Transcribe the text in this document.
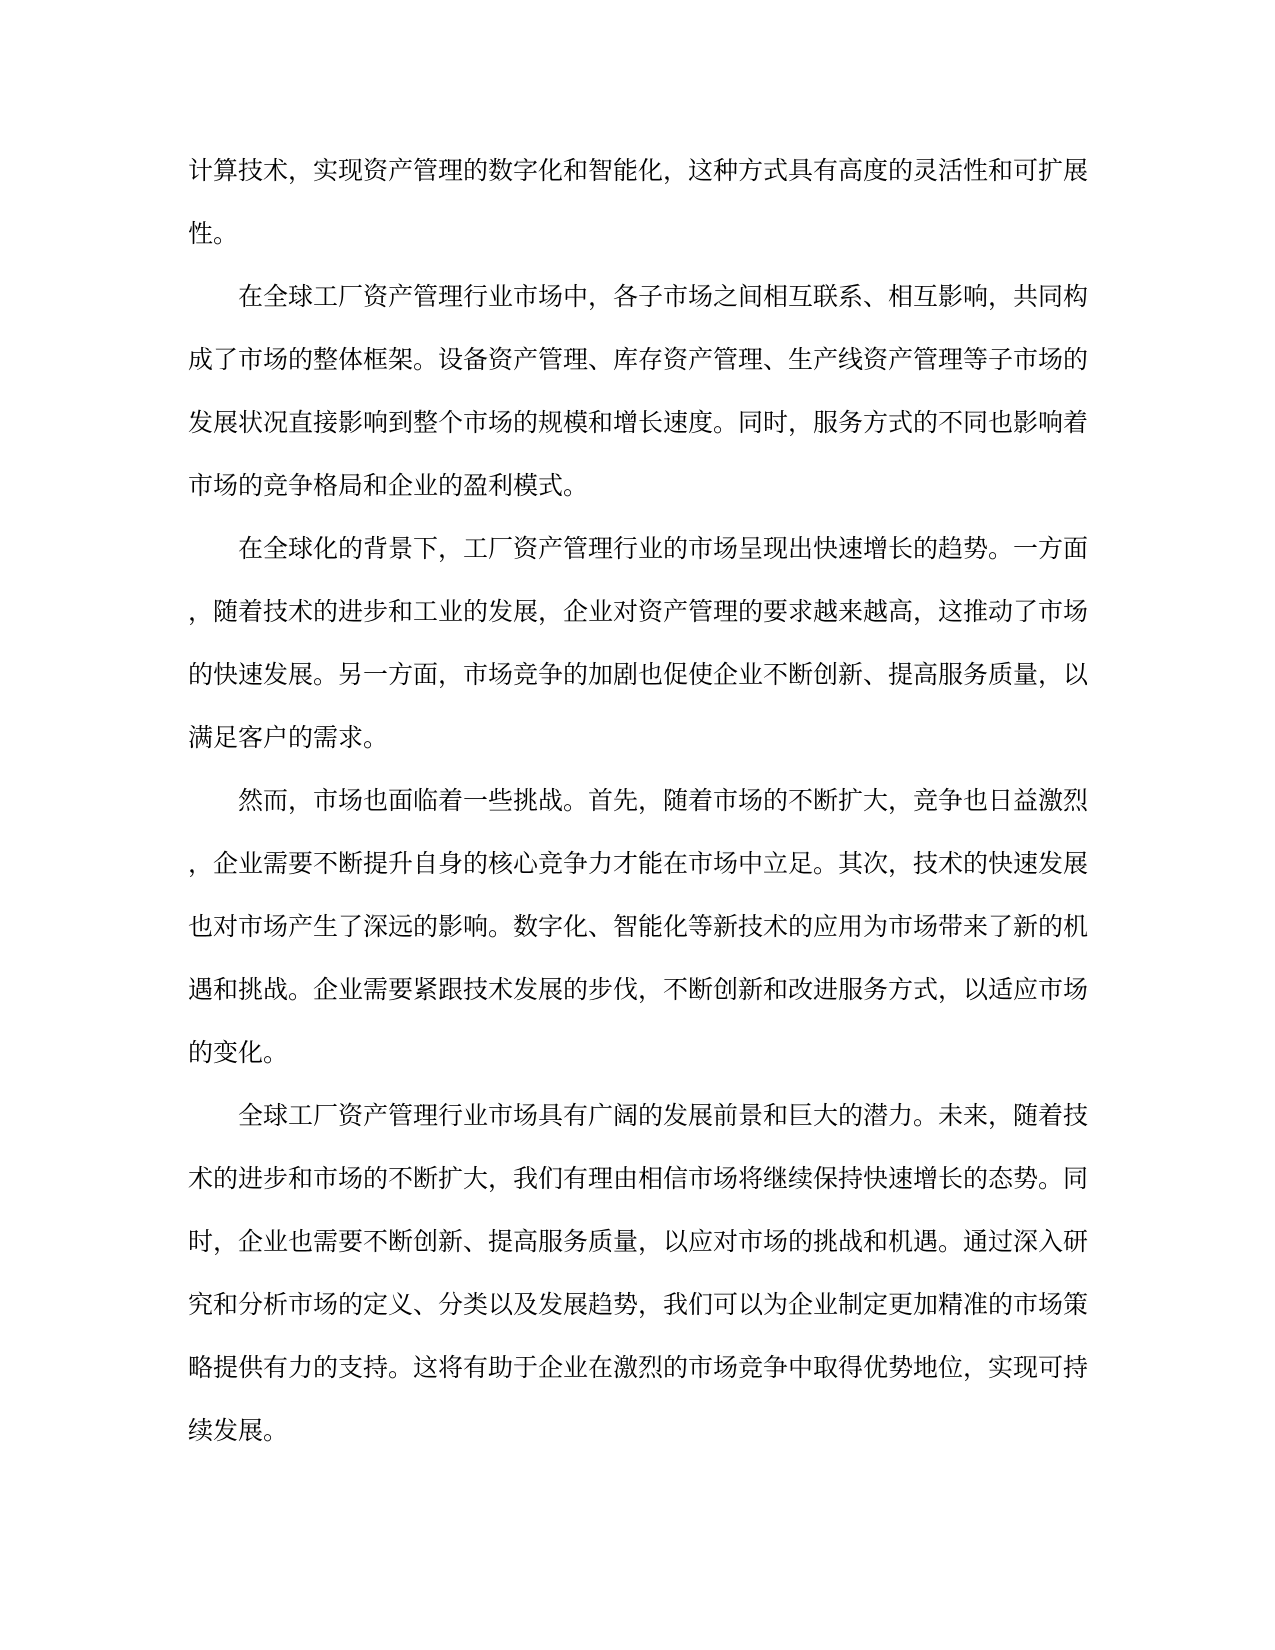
计算技术，实现资产管理的数字化和智能化，这种方式具有高度的灵活性和可扩展性。

在全球工厂资产管理行业市场中，各子市场之间相互联系、相互影响，共同构成了市场的整体框架。设备资产管理、库存资产管理、生产线资产管理等子市场的发展状况直接影响到整个市场的规模和增长速度。同时，服务方式的不同也影响着市场的竞争格局和企业的盈利模式。

在全球化的背景下，工厂资产管理行业的市场呈现出快速增长的趋势。一方面，随着技术的进步和工业的发展，企业对资产管理的要求越来越高，这推动了市场的快速发展。另一方面，市场竞争的加剧也促使企业不断创新、提高服务质量，以满足客户的需求。

然而，市场也面临着一些挑战。首先，随着市场的不断扩大，竞争也日益激烈，企业需要不断提升自身的核心竞争力才能在市场中立足。其次，技术的快速发展也对市场产生了深远的影响。数字化、智能化等新技术的应用为市场带来了新的机遇和挑战。企业需要紧跟技术发展的步伐，不断创新和改进服务方式，以适应市场的变化。

全球工厂资产管理行业市场具有广阔的发展前景和巨大的潜力。未来，随着技术的进步和市场的不断扩大，我们有理由相信市场将继续保持快速增长的态势。同时，企业也需要不断创新、提高服务质量，以应对市场的挑战和机遇。通过深入研究和分析市场的定义、分类以及发展趋势，我们可以为企业制定更加精准的市场策略提供有力的支持。这将有助于企业在激烈的市场竞争中取得优势地位，实现可持续发展。
